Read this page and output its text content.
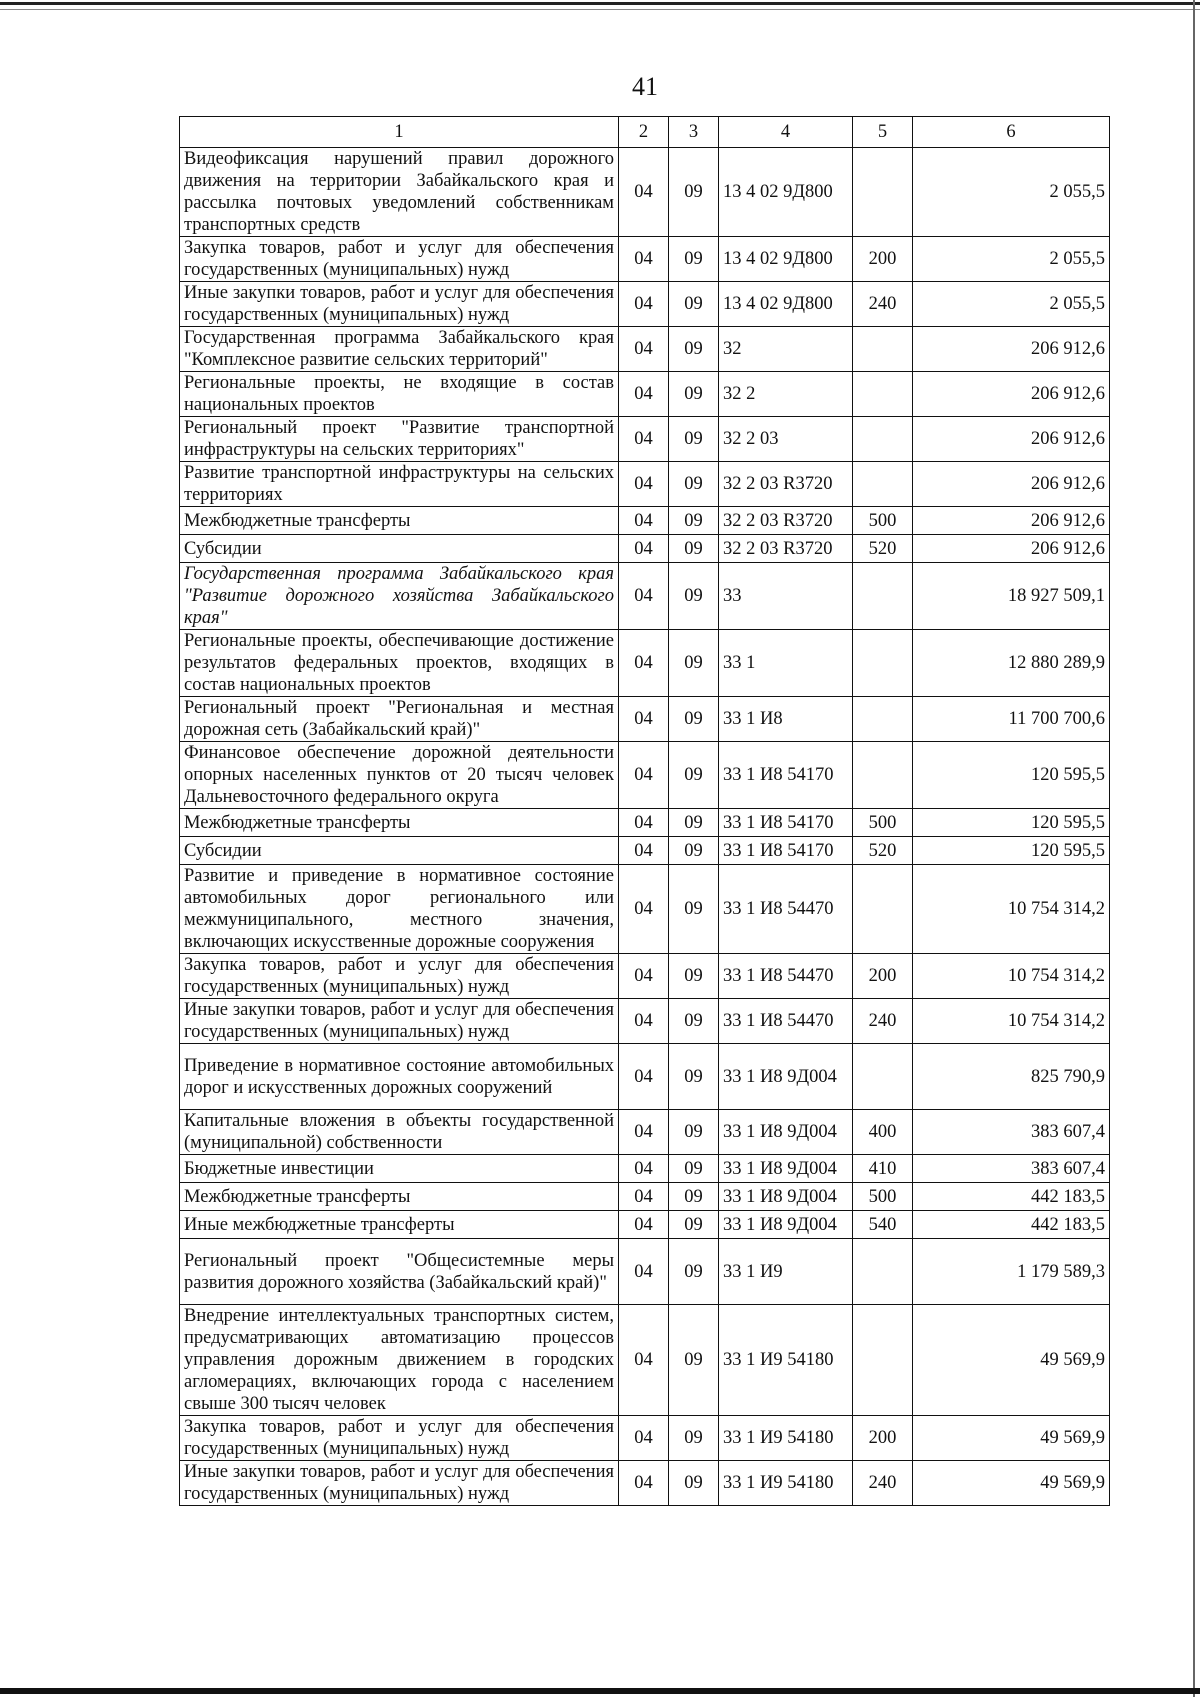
41
1	2	3	4	5	6
Видеофиксация нарушений правил дорожного движения на территории Забайкальского края и рассылка почтовых уведомлений собственникам транспортных средств	04	09	13 4 02 9Д800		2 055,5
Закупка товаров, работ и услуг для обеспечения государственных (муниципальных) нужд	04	09	13 4 02 9Д800	200	2 055,5
Иные закупки товаров, работ и услуг для обеспечения государственных (муниципальных) нужд	04	09	13 4 02 9Д800	240	2 055,5
Государственная программа Забайкальского края "Комплексное развитие сельских территорий"	04	09	32		206 912,6
Региональные проекты, не входящие в состав национальных проектов	04	09	32 2		206 912,6
Региональный проект "Развитие транспортной инфраструктуры на сельских территориях"	04	09	32 2 03		206 912,6
Развитие транспортной инфраструктуры на сельских территориях	04	09	32 2 03 R3720		206 912,6
Межбюджетные трансферты	04	09	32 2 03 R3720	500	206 912,6
Субсидии	04	09	32 2 03 R3720	520	206 912,6
Государственная программа Забайкальского края "Развитие дорожного хозяйства Забайкальского края"	04	09	33		18 927 509,1
Региональные проекты, обеспечивающие достижение результатов федеральных проектов, входящих в состав национальных проектов	04	09	33 1		12 880 289,9
Региональный проект "Региональная и местная дорожная сеть (Забайкальский край)"	04	09	33 1 И8		11 700 700,6
Финансовое обеспечение дорожной деятельности опорных населенных пунктов от 20 тысяч человек Дальневосточного федерального округа	04	09	33 1 И8 54170		120 595,5
Межбюджетные трансферты	04	09	33 1 И8 54170	500	120 595,5
Субсидии	04	09	33 1 И8 54170	520	120 595,5
Развитие и приведение в нормативное состояние автомобильных дорог регионального или межмуниципального, местного значения, включающих искусственные дорожные сооружения	04	09	33 1 И8 54470		10 754 314,2
Закупка товаров, работ и услуг для обеспечения государственных (муниципальных) нужд	04	09	33 1 И8 54470	200	10 754 314,2
Иные закупки товаров, работ и услуг для обеспечения государственных (муниципальных) нужд	04	09	33 1 И8 54470	240	10 754 314,2
Приведение в нормативное состояние автомобильных дорог и искусственных дорожных сооружений	04	09	33 1 И8 9Д004		825 790,9
Капитальные вложения в объекты государственной (муниципальной) собственности	04	09	33 1 И8 9Д004	400	383 607,4
Бюджетные инвестиции	04	09	33 1 И8 9Д004	410	383 607,4
Межбюджетные трансферты	04	09	33 1 И8 9Д004	500	442 183,5
Иные межбюджетные трансферты	04	09	33 1 И8 9Д004	540	442 183,5
Региональный проект "Общесистемные меры развития дорожного хозяйства (Забайкальский край)"	04	09	33 1 И9		1 179 589,3
Внедрение интеллектуальных транспортных систем, предусматривающих автоматизацию процессов управления дорожным движением в городских агломерациях, включающих города с населением свыше 300 тысяч человек	04	09	33 1 И9 54180		49 569,9
Закупка товаров, работ и услуг для обеспечения государственных (муниципальных) нужд	04	09	33 1 И9 54180	200	49 569,9
Иные закупки товаров, работ и услуг для обеспечения государственных (муниципальных) нужд	04	09	33 1 И9 54180	240	49 569,9
